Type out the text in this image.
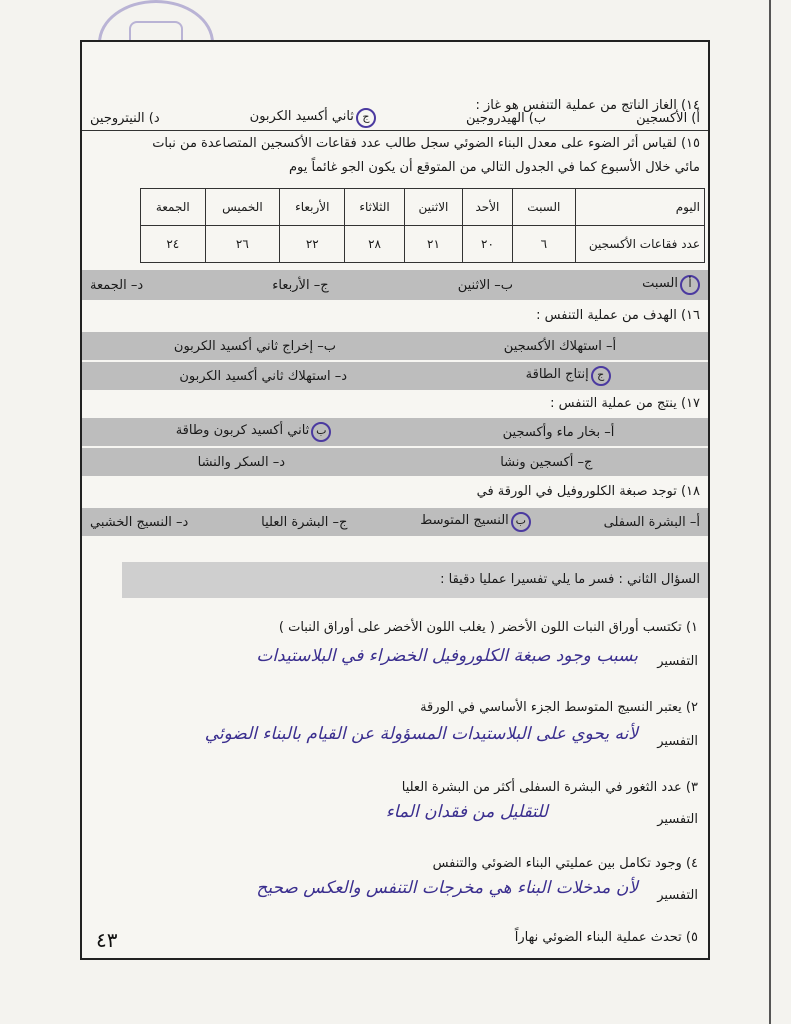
١٤) الغاز الناتج من عملية التنفس هو غاز :
أ) الأكسجين
ب) الهيدروجين
جثاني أكسيد الكربون
د) النيتروجين
١٥) لقياس أثر الضوء على معدل البناء الضوئي سجل طالب عدد فقاعات الأكسجين المتصاعدة من نبات
مائي خلال الأسبوع كما في الجدول التالي من المتوقع أن يكون الجو غائماً يوم
اليوم	السبت	الأحد	الاثنين	الثلاثاء	الأربعاء	الخميس	الجمعة
عدد فقاعات الأكسجين	٦	٢٠	٢١	٢٨	٢٢	٢٦	٢٤
أالسبت
ب– الاثنين
ج– الأربعاء
د– الجمعة
١٦) الهدف من عملية التنفس :
أ– استهلاك الأكسجين
ب– إخراج ثاني أكسيد الكربون
جإنتاج الطاقة
د– استهلاك ثاني أكسيد الكربون
١٧) ينتج من عملية التنفس :
أ– بخار ماء وأكسجين
بثاني أكسيد كربون وطاقة
ج– أكسجين ونشا
د– السكر والنشا
١٨) توجد صبغة الكلوروفيل في الورقة في
أ– البشرة السفلى
بالنسيج المتوسط
ج– البشرة العليا
د– النسيج الخشبي
السؤال الثاني : فسر ما يلي تفسيرا عمليا دقيقا :
١) تكتسب أوراق النبات اللون الأخضر ( يغلب اللون الأخضر على أوراق النبات )
التفسير
بسبب وجود صبغة الكلوروفيل الخضراء في البلاستيدات
٢) يعتبر النسيج المتوسط الجزء الأساسي في الورقة
التفسير
لأنه يحوي على البلاستيدات المسؤولة عن القيام بالبناء الضوئي
٣) عدد الثغور في البشرة السفلى أكثر من البشرة العليا
التفسير
للتقليل من فقدان الماء
٤) وجود تكامل بين عمليتي البناء الضوئي والتنفس
التفسير
لأن مدخلات البناء هي مخرجات التنفس والعكس صحيح
٥) تحدث عملية البناء الضوئي نهاراً
٤٣
